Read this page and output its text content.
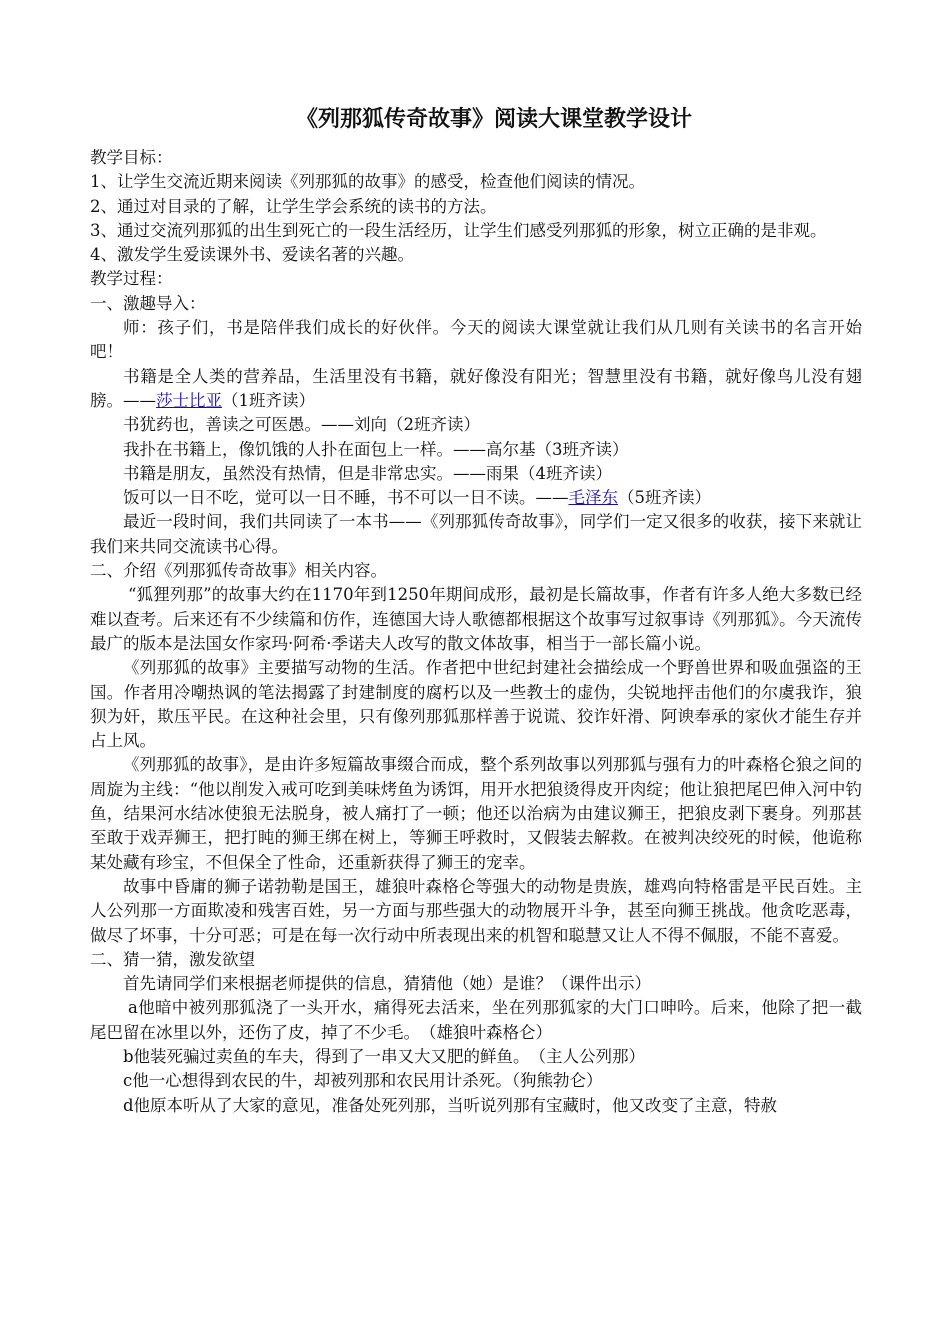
《列那狐传奇故事》阅读大课堂教学设计

教学目标：

1、让学生交流近期来阅读《列那狐的故事》的感受，检查他们阅读的情况。

2、通过对目录的了解，让学生学会系统的读书的方法。

3、通过交流列那狐的出生到死亡的一段生活经历，让学生们感受列那狐的形象，树立正确的是非观。

4、激发学生爱读课外书、爱读名著的兴趣。

教学过程：

一、激趣导入：

师：孩子们，书是陪伴我们成长的好伙伴。今天的阅读大课堂就让我们从几则有关读书的名言开始吧！

书籍是全人类的营养品，生活里没有书籍，就好像没有阳光；智慧里没有书籍，就好像鸟儿没有翅膀。——莎士比亚（1班齐读）

书犹药也，善读之可医愚。——刘向（2班齐读）

我扑在书籍上，像饥饿的人扑在面包上一样。——高尔基（3班齐读）

书籍是朋友，虽然没有热情，但是非常忠实。——雨果（4班齐读）

饭可以一日不吃，觉可以一日不睡，书不可以一日不读。——毛泽东（5班齐读）

最近一段时间，我们共同读了一本书——《列那狐传奇故事》，同学们一定又很多的收获，接下来就让我们来共同交流读书心得。

二、介绍《列那狐传奇故事》相关内容。

“狐狸列那”的故事大约在1170年到1250年期间成形，最初是长篇故事，作者有许多人绝大多数已经难以查考。后来还有不少续篇和仿作，连德国大诗人歌德都根据这个故事写过叙事诗《列那狐》。今天流传最广的版本是法国女作家玛·阿希·季诺夫人改写的散文体故事，相当于一部长篇小说。

《列那狐的故事》主要描写动物的生活。作者把中世纪封建社会描绘成一个野兽世界和吸血强盗的王国。作者用冷嘲热讽的笔法揭露了封建制度的腐朽以及一些教士的虚伪，尖锐地抨击他们的尔虞我诈，狼狈为奸，欺压平民。在这种社会里，只有像列那狐那样善于说谎、狡诈奸滑、阿谀奉承的家伙才能生存并占上风。

《列那狐的故事》，是由许多短篇故事缀合而成，整个系列故事以列那狐与强有力的叶森格仑狼之间的周旋为主线：“他以削发入戒可吃到美味烤鱼为诱饵，用开水把狼烫得皮开肉绽；他让狼把尾巴伸入河中钓鱼，结果河水结冰使狼无法脱身，被人痛打了一顿；他还以治病为由建议狮王，把狼皮剥下裹身。列那甚至敢于戏弄狮王，把打盹的狮王绑在树上，等狮王呼救时，又假装去解救。在被判决绞死的时候，他诡称某处藏有珍宝，不但保全了性命，还重新获得了狮王的宠幸。

故事中昏庸的狮子诺勃勒是国王，雄狼叶森格仑等强大的动物是贵族，雄鸡向特格雷是平民百姓。主人公列那一方面欺凌和残害百姓，另一方面与那些强大的动物展开斗争，甚至向狮王挑战。他贪吃恶毒，做尽了坏事，十分可恶；可是在每一次行动中所表现出来的机智和聪慧又让人不得不佩服，不能不喜爱。

二、猜一猜，激发欲望

首先请同学们来根据老师提供的信息，猜猜他（她）是谁？（课件出示）

a他暗中被列那狐浇了一头开水，痛得死去活来，坐在列那狐家的大门口呻吟。后来，他除了把一截尾巴留在冰里以外，还伤了皮，掉了不少毛。　（雄狼叶森格仑）

b他装死骗过卖鱼的车夫，得到了一串又大又肥的鲜鱼。　（主人公列那）

c他一心想得到农民的牛，却被列那和农民用计杀死。（狗熊勃仑）

d他原本听从了大家的意见，准备处死列那，当听说列那有宝藏时，他又改变了主意，特赦
